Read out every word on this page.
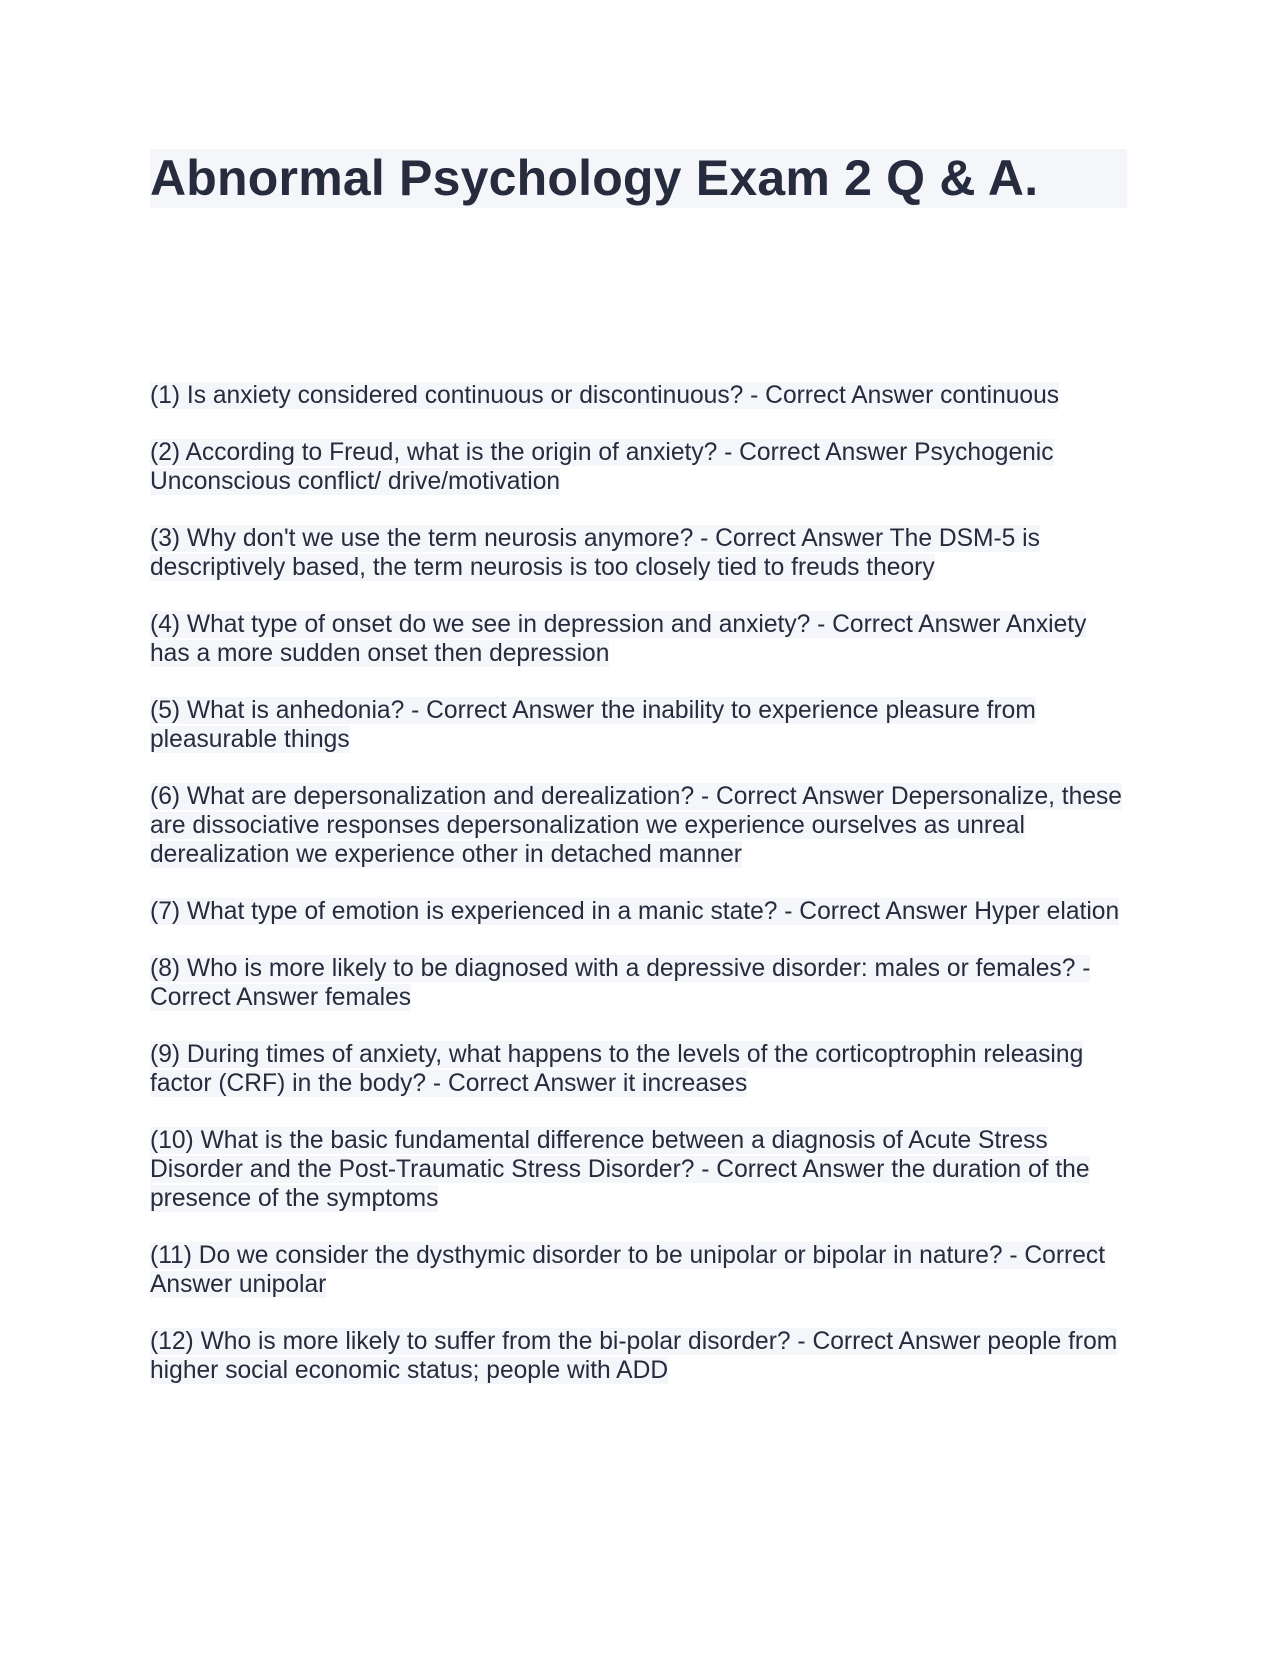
Abnormal Psychology Exam 2 Q & A.

(1) Is anxiety considered continuous or discontinuous? - Correct Answer continuous

(2) According to Freud, what is the origin of anxiety? - Correct Answer Psychogenic Unconscious conflict/ drive/motivation

(3) Why don't we use the term neurosis anymore? - Correct Answer The DSM-5 is descriptively based, the term neurosis is too closely tied to freuds theory

(4) What type of onset do we see in depression and anxiety? - Correct Answer Anxiety has a more sudden onset then depression

(5) What is anhedonia? - Correct Answer the inability to experience pleasure from pleasurable things

(6) What are depersonalization and derealization? - Correct Answer Depersonalize, these are dissociative responses depersonalization we experience ourselves as unreal derealization we experience other in detached manner

(7) What type of emotion is experienced in a manic state? - Correct Answer Hyper elation

(8) Who is more likely to be diagnosed with a depressive disorder: males or females? - Correct Answer females

(9) During times of anxiety, what happens to the levels of the corticoptrophin releasing factor (CRF) in the body? - Correct Answer it increases

(10) What is the basic fundamental difference between a diagnosis of Acute Stress Disorder and the Post-Traumatic Stress Disorder? - Correct Answer the duration of the presence of the symptoms

(11) Do we consider the dysthymic disorder to be unipolar or bipolar in nature? - Correct Answer unipolar

(12) Who is more likely to suffer from the bi-polar disorder? - Correct Answer people from higher social economic status; people with ADD
